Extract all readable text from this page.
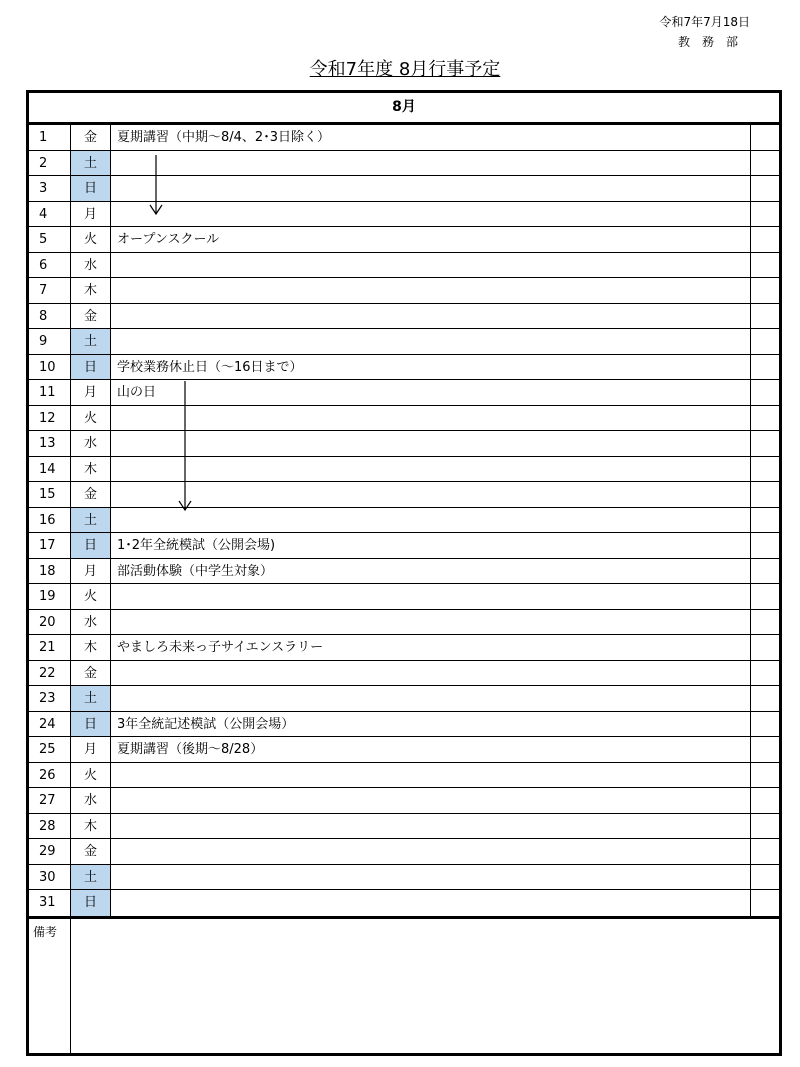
令和7年7月18日
教務部
令和7年度 8月行事予定
8月
1	金	夏期講習（中期～8/4、2･3日除く）
2	土
3	日
4	月
5	火	オープンスクール
6	水
7	木
8	金
9	土
10	日	学校業務休止日（～16日まで）
11	月	山の日
12	火
13	水
14	木
15	金
16	土
17	日	1･2年全統模試（公開会場)
18	月	部活動体験（中学生対象）
19	火
20	水
21	木	やましろ未来っ子サイエンスラリー
22	金
23	土
24	日	3年全統記述模試（公開会場）
25	月	夏期講習（後期～8/28）
26	火
27	水
28	木
29	金
30	土
31	日
備考
